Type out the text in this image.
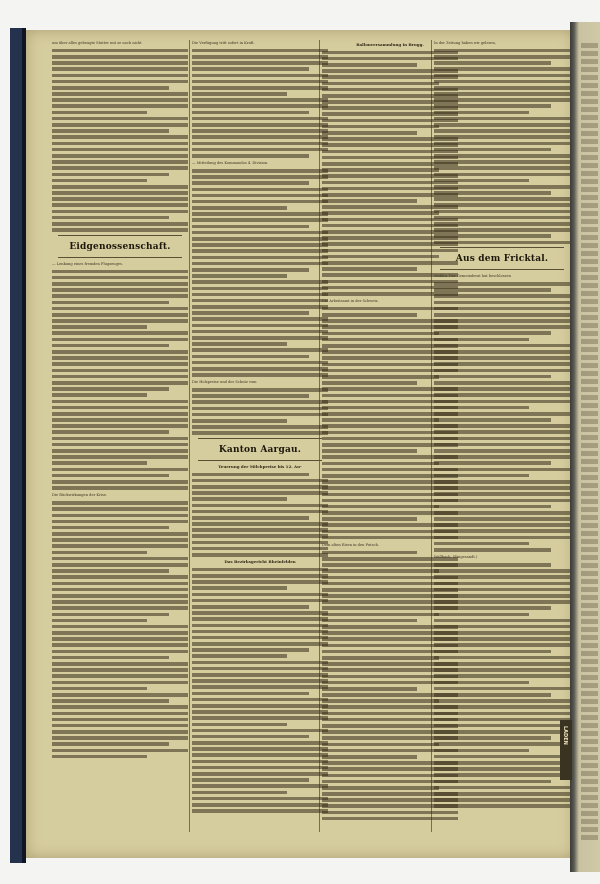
um über alles gebeugte Mutter mit ze noch nicht

Eidgenossenschaft.

— Lenkung eines fremden Flugzeuges.

Die Rückwirkungen der Krise.

Die Verfügung tritt sofort in Kraft.

— Mitteilung des Kommandos 4. Division.

Die Holzpreise und der Schutz vom

Kanton Aargau.
Teuerung der Milchpreise bis 12. Au-
Das Bezirksgericht Rheinfelden
Ballonversammlung in Brugg.

Die Arbeitsamt in der Schweiz.

Dem alten Eisen in den Putsch.

In der Zeitung haben wir gelesen,

Aus dem Fricktal.

Möhlin. Der Gemeinderat hat beschlossen

Wallbach. (Eingesandt.)

LADEN
